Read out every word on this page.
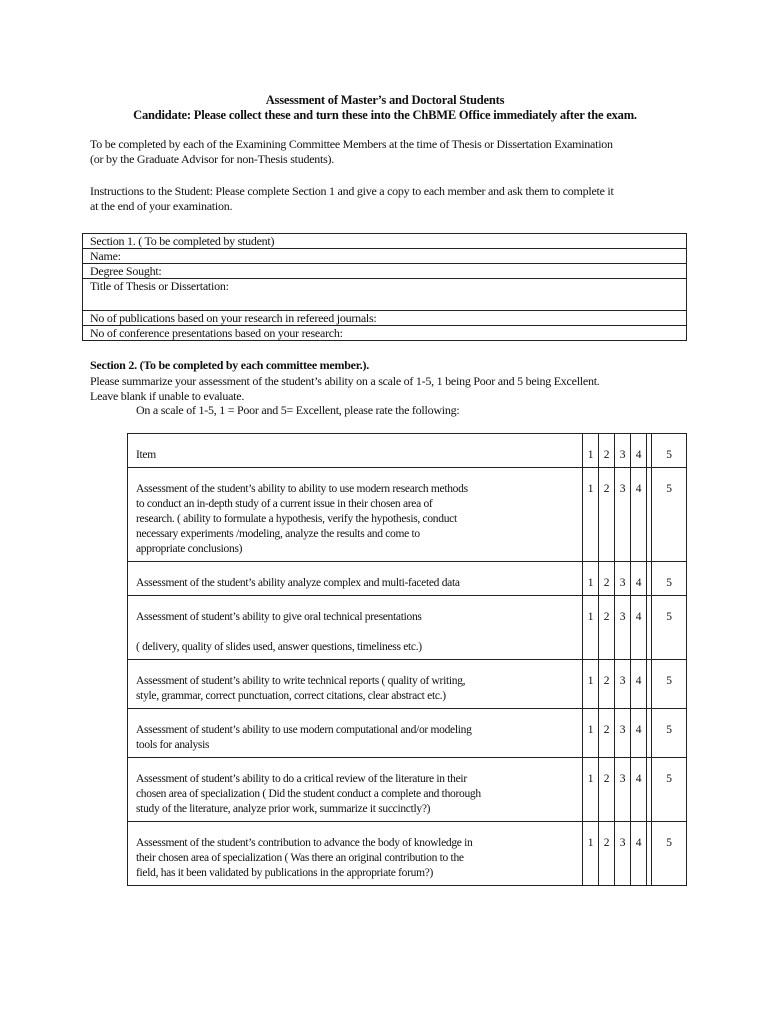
Assessment of Master’s and Doctoral Students
Candidate: Please collect these and turn these into the ChBME Office immediately after the exam.
To be completed by each of the Examining Committee Members at the time of Thesis or Dissertation Examination
(or by the Graduate Advisor for non-Thesis students).
Instructions to the Student: Please complete Section 1 and give a copy to each member and ask them to complete it
at the end of your examination.
Section 1. ( To be completed by student)
Name:
Degree Sought:
Title of Thesis or Dissertation:
No of publications based on your research in refereed journals:
No of conference presentations based on your research:
Section 2. (To be completed by each committee member.).
Please summarize your assessment of the student’s ability on a scale of 1-5, 1 being Poor and 5 being Excellent.
Leave blank if unable to evaluate.
On a scale of 1-5, 1 = Poor and 5= Excellent, please rate the following:
Item	1	2	3	4		5

Assessment of the student’s ability to ability to use modern research methods
to conduct an in-depth study of a current issue in their chosen area of
research. ( ability to formulate a hypothesis, verify the hypothesis, conduct
necessary experiments /modeling, analyze the results and come to
appropriate conclusions)	1	2	3	4		5

Assessment of the student’s ability analyze complex and multi-faceted data	1	2	3	4		5

Assessment of student’s ability to give oral technical presentations
( delivery, quality of slides used, answer questions, timeliness etc.)	1	2	3	4		5

Assessment of student’s ability to write technical reports ( quality of writing,
style, grammar, correct punctuation, correct citations, clear abstract etc.)	1	2	3	4		5

Assessment of student’s ability to use modern computational and/or modeling
tools for analysis	1	2	3	4		5

Assessment of student’s ability to do a critical review of the literature in their
chosen area of specialization ( Did the student conduct a complete and thorough
study of the literature, analyze prior work, summarize it succinctly?)	1	2	3	4		5

Assessment of the student’s contribution to advance the body of knowledge in
their chosen area of specialization ( Was there an original contribution to the
field, has it been validated by publications in the appropriate forum?)	1	2	3	4		5
